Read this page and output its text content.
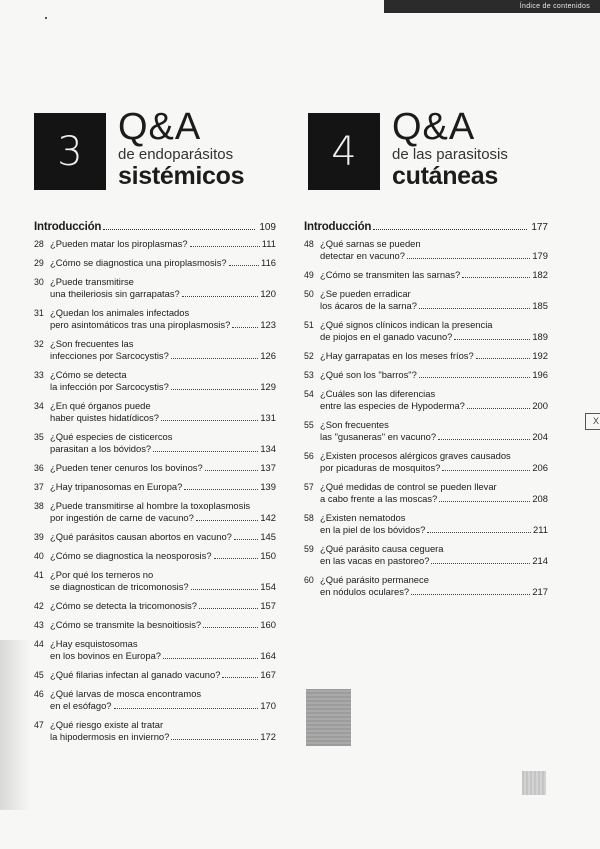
Índice de contenidos
3
Q&A
de endoparásitos
sistémicos
4
Q&A
de las parasitosis
cutáneas
Introducción	109
28 ¿Pueden matar los piroplasmas?	111
29 ¿Cómo se diagnostica una piroplasmosis?	116
30 ¿Puede transmitirse
una theileriosis sin garrapatas?	120
31 ¿Quedan los animales infectados
pero asintomáticos tras una piroplasmosis?	123
32 ¿Son frecuentes las
infecciones por Sarcocystis?	126
33 ¿Cómo se detecta
la infección por Sarcocystis?	129
34 ¿En qué órganos puede
haber quistes hidatídicos?	131
35 ¿Qué especies de cisticercos
parasitan a los bóvidos?	134
36 ¿Pueden tener cenuros los bovinos?	137
37 ¿Hay tripanosomas en Europa?	139
38 ¿Puede transmitirse al hombre la toxoplasmosis
por ingestión de carne de vacuno?	142
39 ¿Qué parásitos causan abortos en vacuno?	145
40 ¿Cómo se diagnostica la neosporosis?	150
41 ¿Por qué los terneros no
se diagnostican de tricomonosis?	154
42 ¿Cómo se detecta la tricomonosis?	157
43 ¿Cómo se transmite la besnoitiosis?	160
44 ¿Hay esquistosomas
en los bovinos en Europa?	164
45 ¿Qué filarias infectan al ganado vacuno?	167
46 ¿Qué larvas de mosca encontramos
en el esófago?	170
47 ¿Qué riesgo existe al tratar
la hipodermosis en invierno?	172
Introducción	177
48 ¿Qué sarnas se pueden
detectar en vacuno?	179
49 ¿Cómo se transmiten las sarnas?	182
50 ¿Se pueden erradicar
los ácaros de la sarna?	185
51 ¿Qué signos clínicos indican la presencia
de piojos en el ganado vacuno?	189
52 ¿Hay garrapatas en los meses fríos?	192
53 ¿Qué son los "barros"?	196
54 ¿Cuáles son las diferencias
entre las especies de Hypoderma?	200
55 ¿Son frecuentes
las "gusaneras" en vacuno?	204
56 ¿Existen procesos alérgicos graves causados
por picaduras de mosquitos?	206
57 ¿Qué medidas de control se pueden llevar
a cabo frente a las moscas?	208
58 ¿Existen nematodos
en la piel de los bóvidos?	211
59 ¿Qué parásito causa ceguera
en las vacas en pastoreo?	214
60 ¿Qué parásito permanece
en nódulos oculares?	217
X
